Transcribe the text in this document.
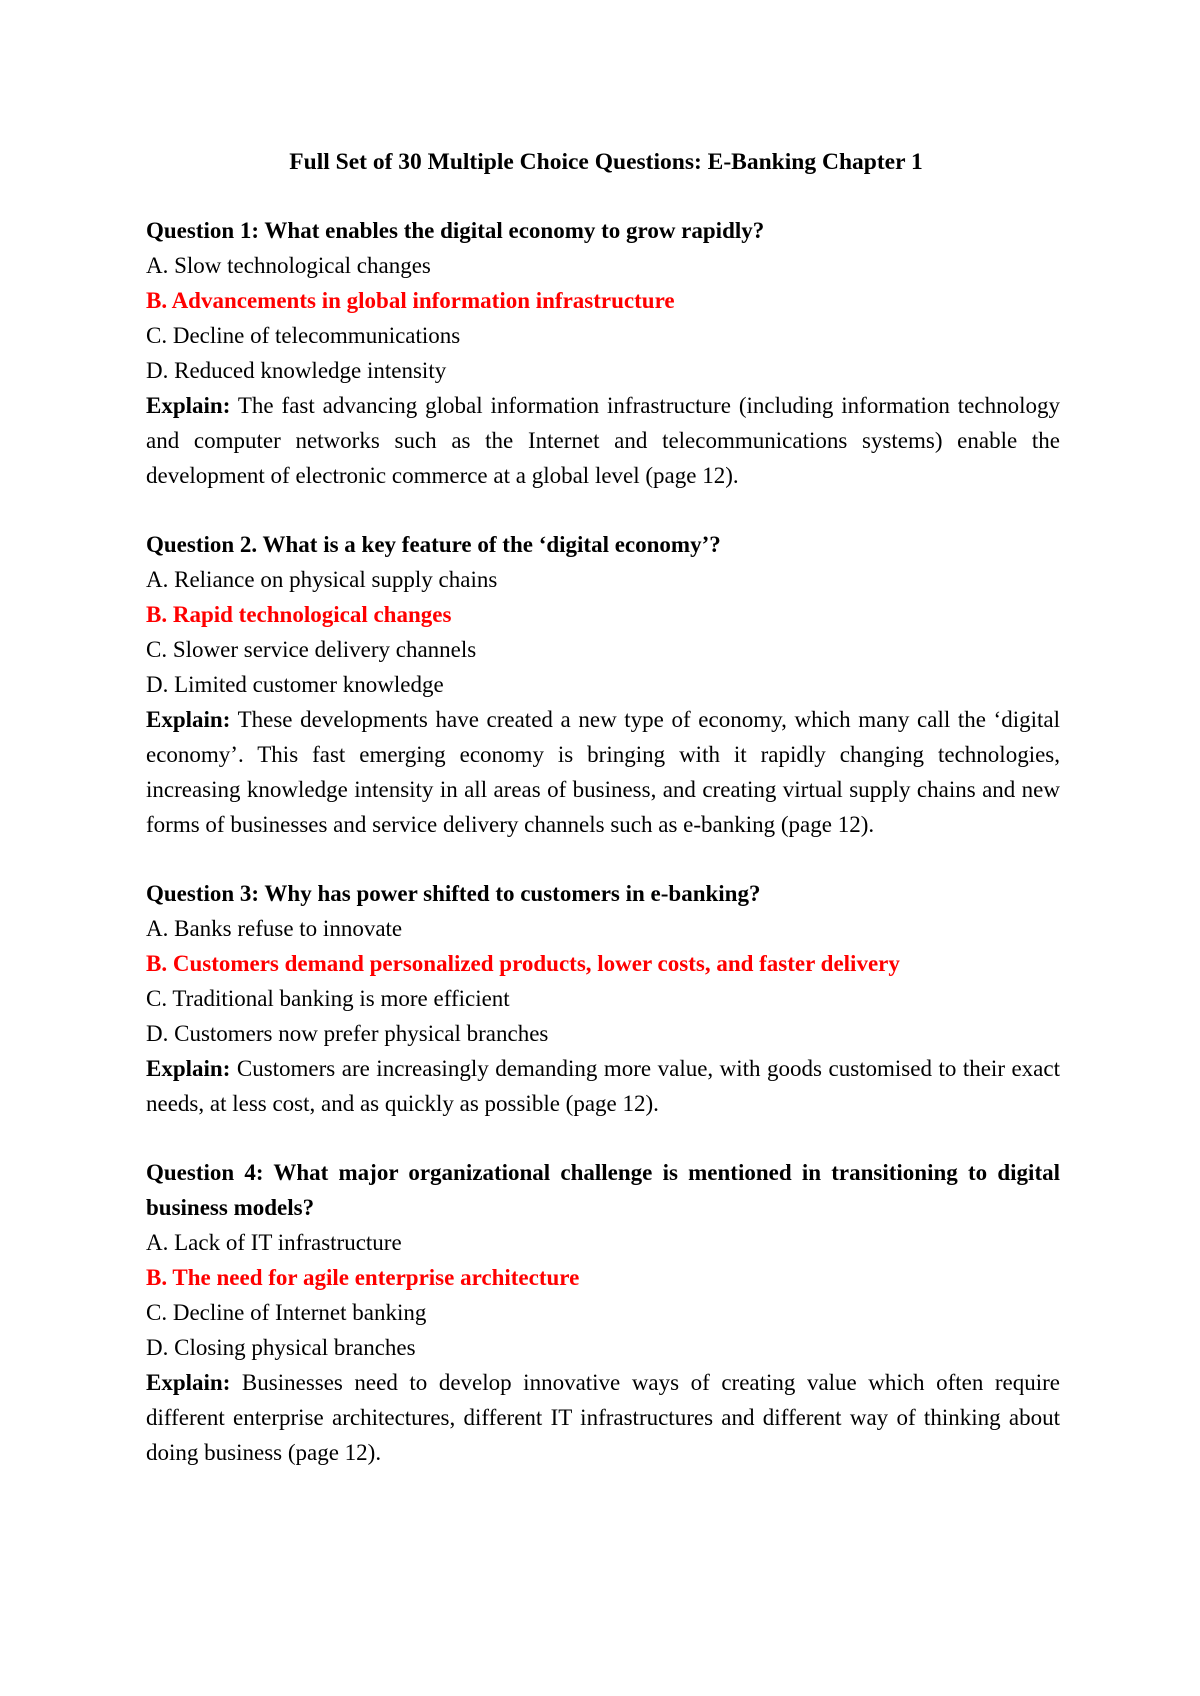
Full Set of 30 Multiple Choice Questions: E-Banking Chapter 1

Question 1: What enables the digital economy to grow rapidly?

A. Slow technological changes

B. Advancements in global information infrastructure

C. Decline of telecommunications

D. Reduced knowledge intensity

Explain: The fast advancing global information infrastructure (including information technology and computer networks such as the Internet and telecommunications systems) enable the development of electronic commerce at a global level (page 12).

Question 2. What is a key feature of the ‘digital economy’?

A. Reliance on physical supply chains

B. Rapid technological changes

C. Slower service delivery channels

D. Limited customer knowledge

Explain: These developments have created a new type of economy, which many call the ‘digital economy’. This fast emerging economy is bringing with it rapidly changing technologies, increasing knowledge intensity in all areas of business, and creating virtual supply chains and new forms of businesses and service delivery channels such as e-banking (page 12).

Question 3: Why has power shifted to customers in e-banking?

A. Banks refuse to innovate

B. Customers demand personalized products, lower costs, and faster delivery

C. Traditional banking is more efficient

D. Customers now prefer physical branches

Explain: Customers are increasingly demanding more value, with goods customised to their exact needs, at less cost, and as quickly as possible (page 12).

Question 4: What major organizational challenge is mentioned in transitioning to digital business models?

A. Lack of IT infrastructure

B. The need for agile enterprise architecture

C. Decline of Internet banking

D. Closing physical branches

Explain: Businesses need to develop innovative ways of creating value which often require different enterprise architectures, different IT infrastructures and different way of thinking about doing business (page 12).
